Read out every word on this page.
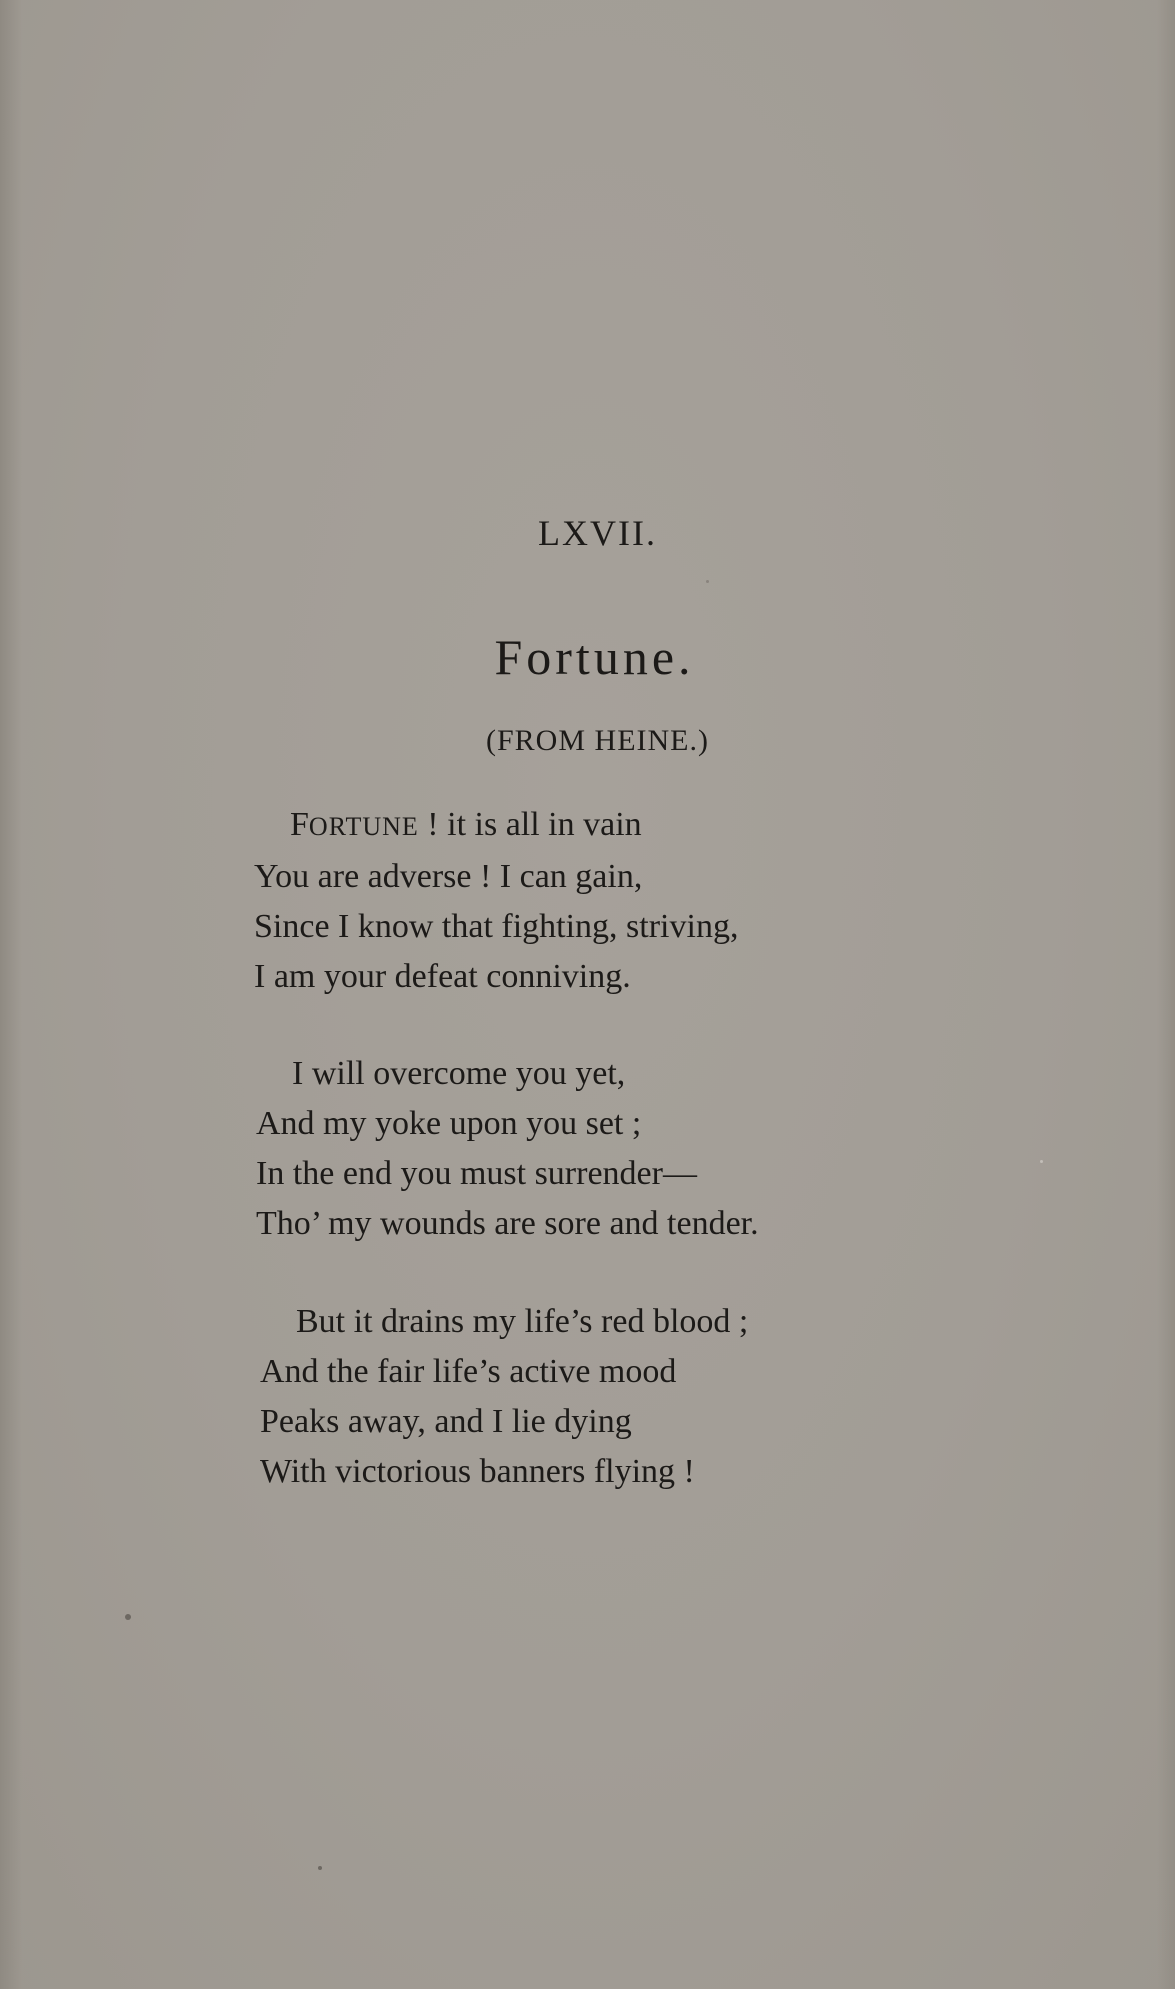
LXVII.
Fortune.
(FROM HEINE.)
FORTUNE ! it is all in vain
You are adverse ! I can gain,
Since I know that fighting, striving,
I am your defeat conniving.
I will overcome you yet,
And my yoke upon you set ;
In the end you must surrender—
Tho’ my wounds are sore and tender.
But it drains my life’s red blood ;
And the fair life’s active mood
Peaks away, and I lie dying
With victorious banners flying !
